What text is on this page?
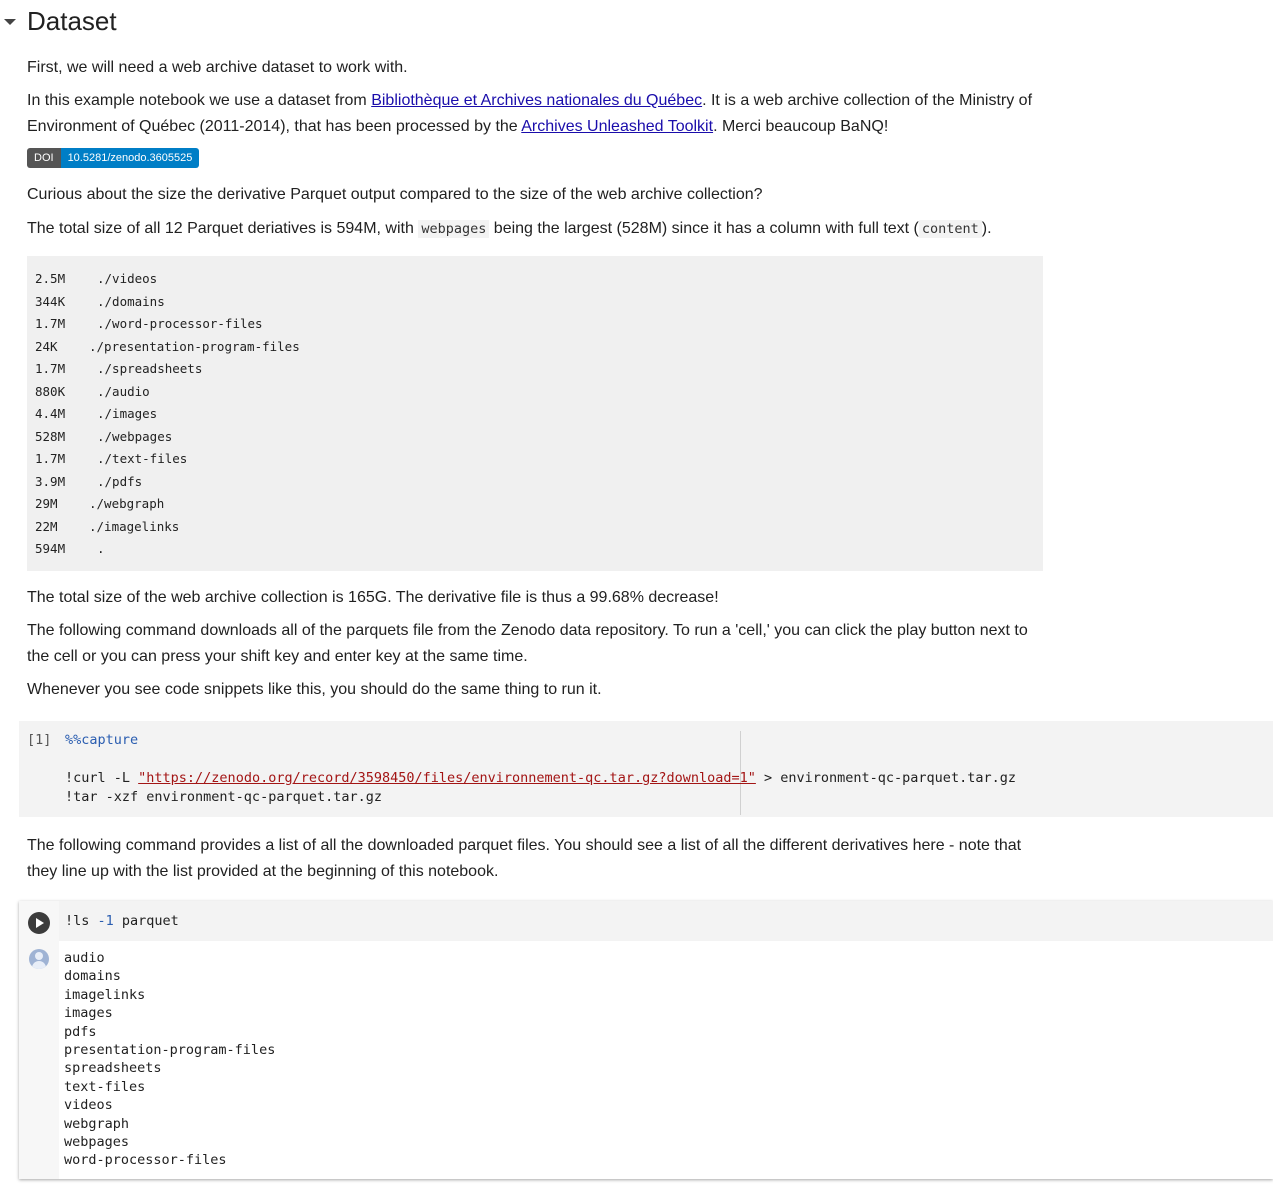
Dataset
First, we will need a web archive dataset to work with.
In this example notebook we use a dataset from Bibliothèque et Archives nationales du Québec. It is a web archive collection of the Ministry of Environment of Québec (2011-2014), that has been processed by the Archives Unleashed Toolkit. Merci beaucoup BaNQ!
DOI	10.5281/zenodo.3605525
Curious about the size the derivative Parquet output compared to the size of the web archive collection?
The total size of all 12 Parquet deriatives is 594M, with webpages being the largest (528M) since it has a column with full text ( content ).
2.5M	./videos
344K	./domains
1.7M	./word-processor-files
24K	./presentation-program-files
1.7M	./spreadsheets
880K	./audio
4.4M	./images
528M	./webpages
1.7M	./text-files
3.9M	./pdfs
29M	./webgraph
22M	./imagelinks
594M	.
The total size of the web archive collection is 165G. The derivative file is thus a 99.68% decrease!
The following command downloads all of the parquets file from the Zenodo data repository. To run a 'cell,' you can click the play button next to the cell or you can press your shift key and enter key at the same time.
Whenever you see code snippets like this, you should do the same thing to run it.
[1] %%capture
!curl -L "https://zenodo.org/record/3598450/files/environnement-qc.tar.gz?download=1" > environment-qc-parquet.tar.gz
!tar -xzf environment-qc-parquet.tar.gz
The following command provides a list of all the downloaded parquet files. You should see a list of all the different derivatives here - note that they line up with the list provided at the beginning of this notebook.
!ls -1 parquet
audio
domains
imagelinks
images
pdfs
presentation-program-files
spreadsheets
text-files
videos
webgraph
webpages
word-processor-files
